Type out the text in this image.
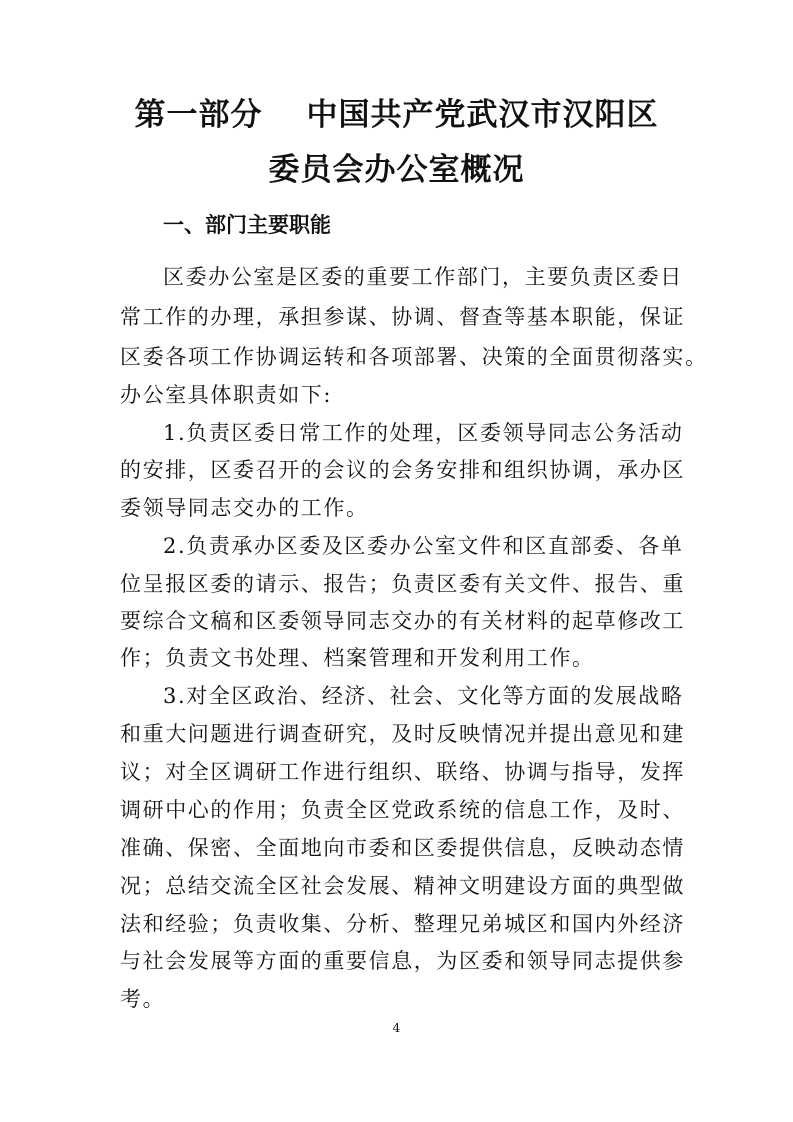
第一部分 中国共产党武汉市汉阳区
委员会办公室概况
一、部门主要职能
区委办公室是区委的重要工作部门，主要负责区委日
常工作的办理，承担参谋、协调、督查等基本职能，保证
区委各项工作协调运转和各项部署、决策的全面贯彻落实。
办公室具体职责如下:
1.负责区委日常工作的处理，区委领导同志公务活动
的安排，区委召开的会议的会务安排和组织协调，承办区
委领导同志交办的工作。
2.负责承办区委及区委办公室文件和区直部委、各单
位呈报区委的请示、报告；负责区委有关文件、报告、重
要综合文稿和区委领导同志交办的有关材料的起草修改工
作；负责文书处理、档案管理和开发利用工作。
3.对全区政治、经济、社会、文化等方面的发展战略
和重大问题进行调查研究，及时反映情况并提出意见和建
议；对全区调研工作进行组织、联络、协调与指导，发挥
调研中心的作用；负责全区党政系统的信息工作，及时、
准确、保密、全面地向市委和区委提供信息，反映动态情
况；总结交流全区社会发展、精神文明建设方面的典型做
法和经验；负责收集、分析、整理兄弟城区和国内外经济
与社会发展等方面的重要信息，为区委和领导同志提供参
考。
4
